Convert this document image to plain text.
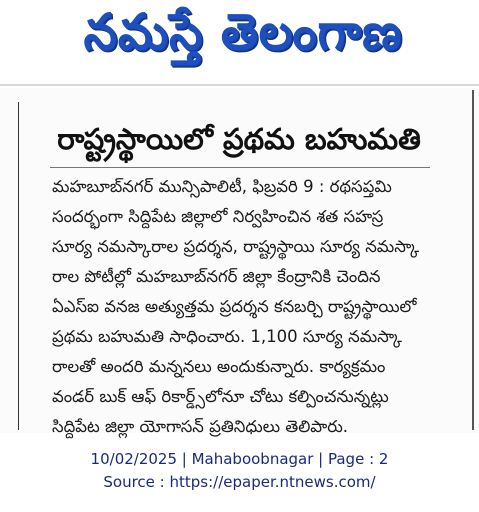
నమస్తే తెలంగాణ
రాష్ట్రస్థాయిలో ప్రథమ బహుమతి
మహబూబ్‌నగర్ మున్సిపాలిటీ, ఫిబ్రవరి 9 : రథసప్తమి
సందర్భంగా సిద్దిపేట జిల్లాలో నిర్వహించిన శత సహస్ర
సూర్య నమస్కారాల ప్రదర్శన, రాష్ట్రస్థాయి సూర్య నమస్కా
రాల పోటీల్లో మహబూబ్‌నగర్ జిల్లా కేంద్రానికి చెందిన
ఏఎస్ఐ వనజ అత్యుత్తమ ప్రదర్శన కనబర్చి రాష్ట్రస్థాయిలో
ప్రథమ బహుమతి సాధించారు. 1,100 సూర్య నమస్కా
రాలతో అందరి మన్ననలు అందుకున్నారు. కార్యక్రమం
వండర్ బుక్ ఆఫ్ రికార్డ్స్‌లోనూ చోటు కల్పించనున్నట్లు
సిద్దిపేట జిల్లా యోగాసన్ ప్రతినిధులు తెలిపారు.
10/02/2025 | Mahaboobnagar | Page : 2
Source : https://epaper.ntnews.com/
